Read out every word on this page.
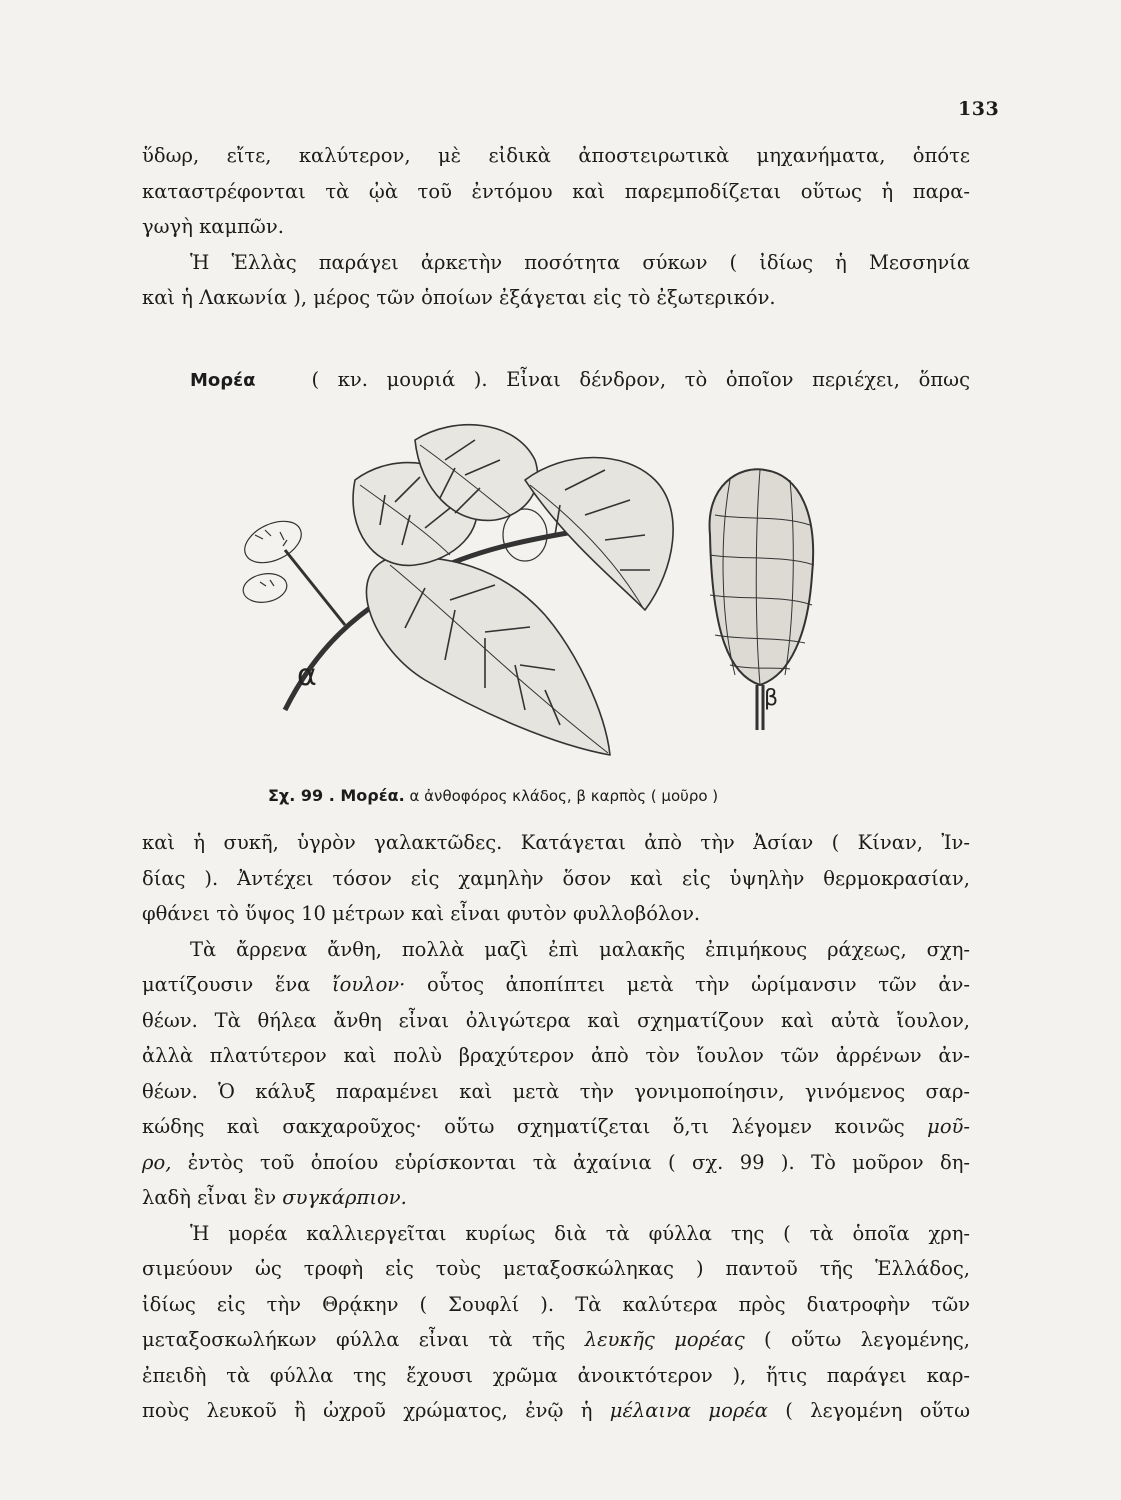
133
ὕδωρ, εἴτε, καλύτερον, μὲ εἰδικὰ ἀποστειρωτικὰ μηχανήματα, ὁπότε
καταστρέφονται τὰ ᾠὰ τοῦ ἐντόμου καὶ παρεμποδίζεται οὕτως ἡ παρα-
γωγὴ καμπῶν.
Ἡ Ἑλλὰς παράγει ἀρκετὴν ποσότητα σύκων ( ἰδίως ἡ Μεσσηνία
καὶ ἡ Λακωνία ), μέρος τῶν ὁποίων ἐξάγεται εἰς τὸ ἐξωτερικόν.
Μορέα	( κν. μουριά ). Εἶναι δένδρον, τὸ ὁποῖον περιέχει, ὅπως
α
β
Σχ. 99 . Μορέα. α ἀνθοφόρος κλάδος, β καρπὸς ( μοῦρο )
καὶ ἡ συκῆ, ὑγρὸν γαλακτῶδες. Κατάγεται ἀπὸ τὴν Ἀσίαν ( Κίναν, Ἰν-
δίας ). Ἀντέχει τόσον εἰς χαμηλὴν ὅσον καὶ εἰς ὑψηλὴν θερμοκρασίαν,
φθάνει τὸ ὕψος 10 μέτρων καὶ εἶναι φυτὸν φυλλοβόλον.
Τὰ ἄρρενα ἄνθη, πολλὰ μαζὶ ἐπὶ μαλακῆς ἐπιμήκους ράχεως, σχη-
ματίζουσιν ἕνα ἴουλον· οὗτος ἀποπίπτει μετὰ τὴν ὡρίμανσιν τῶν ἀν-
θέων. Τὰ θήλεα ἄνθη εἶναι ὀλιγώτερα καὶ σχηματίζουν καὶ αὐτὰ ἴουλον,
ἀλλὰ πλατύτερον καὶ πολὺ βραχύτερον ἀπὸ τὸν ἴουλον τῶν ἀρρένων ἀν-
θέων. Ὁ κάλυξ παραμένει καὶ μετὰ τὴν γονιμοποίησιν, γινόμενος σαρ-
κώδης καὶ σακχαροῦχος· οὕτω σχηματίζεται ὅ,τι λέγομεν κοινῶς μοῦ-
ρο, ἐντὸς τοῦ ὁποίου εὑρίσκονται τὰ ἀχαίνια ( σχ. 99 ). Τὸ μοῦρον δη-
λαδὴ εἶναι ἓν συγκάρπιον.
Ἡ μορέα καλλιεργεῖται κυρίως διὰ τὰ φύλλα της ( τὰ ὁποῖα χρη-
σιμεύουν ὡς τροφὴ εἰς τοὺς μεταξοσκώληκας ) παντοῦ τῆς Ἑλλάδος,
ἰδίως εἰς τὴν Θρᾴκην ( Σουφλί ). Τὰ καλύτερα πρὸς διατροφὴν τῶν
μεταξοσκωλήκων φύλλα εἶναι τὰ τῆς λευκῆς μορέας ( οὕτω λεγομένης,
ἐπειδὴ τὰ φύλλα της ἔχουσι χρῶμα ἀνοικτότερον ), ἥτις παράγει καρ-
ποὺς λευκοῦ ἢ ὠχροῦ χρώματος, ἐνῷ ἡ μέλαινα μορέα ( λεγομένη οὕτω
